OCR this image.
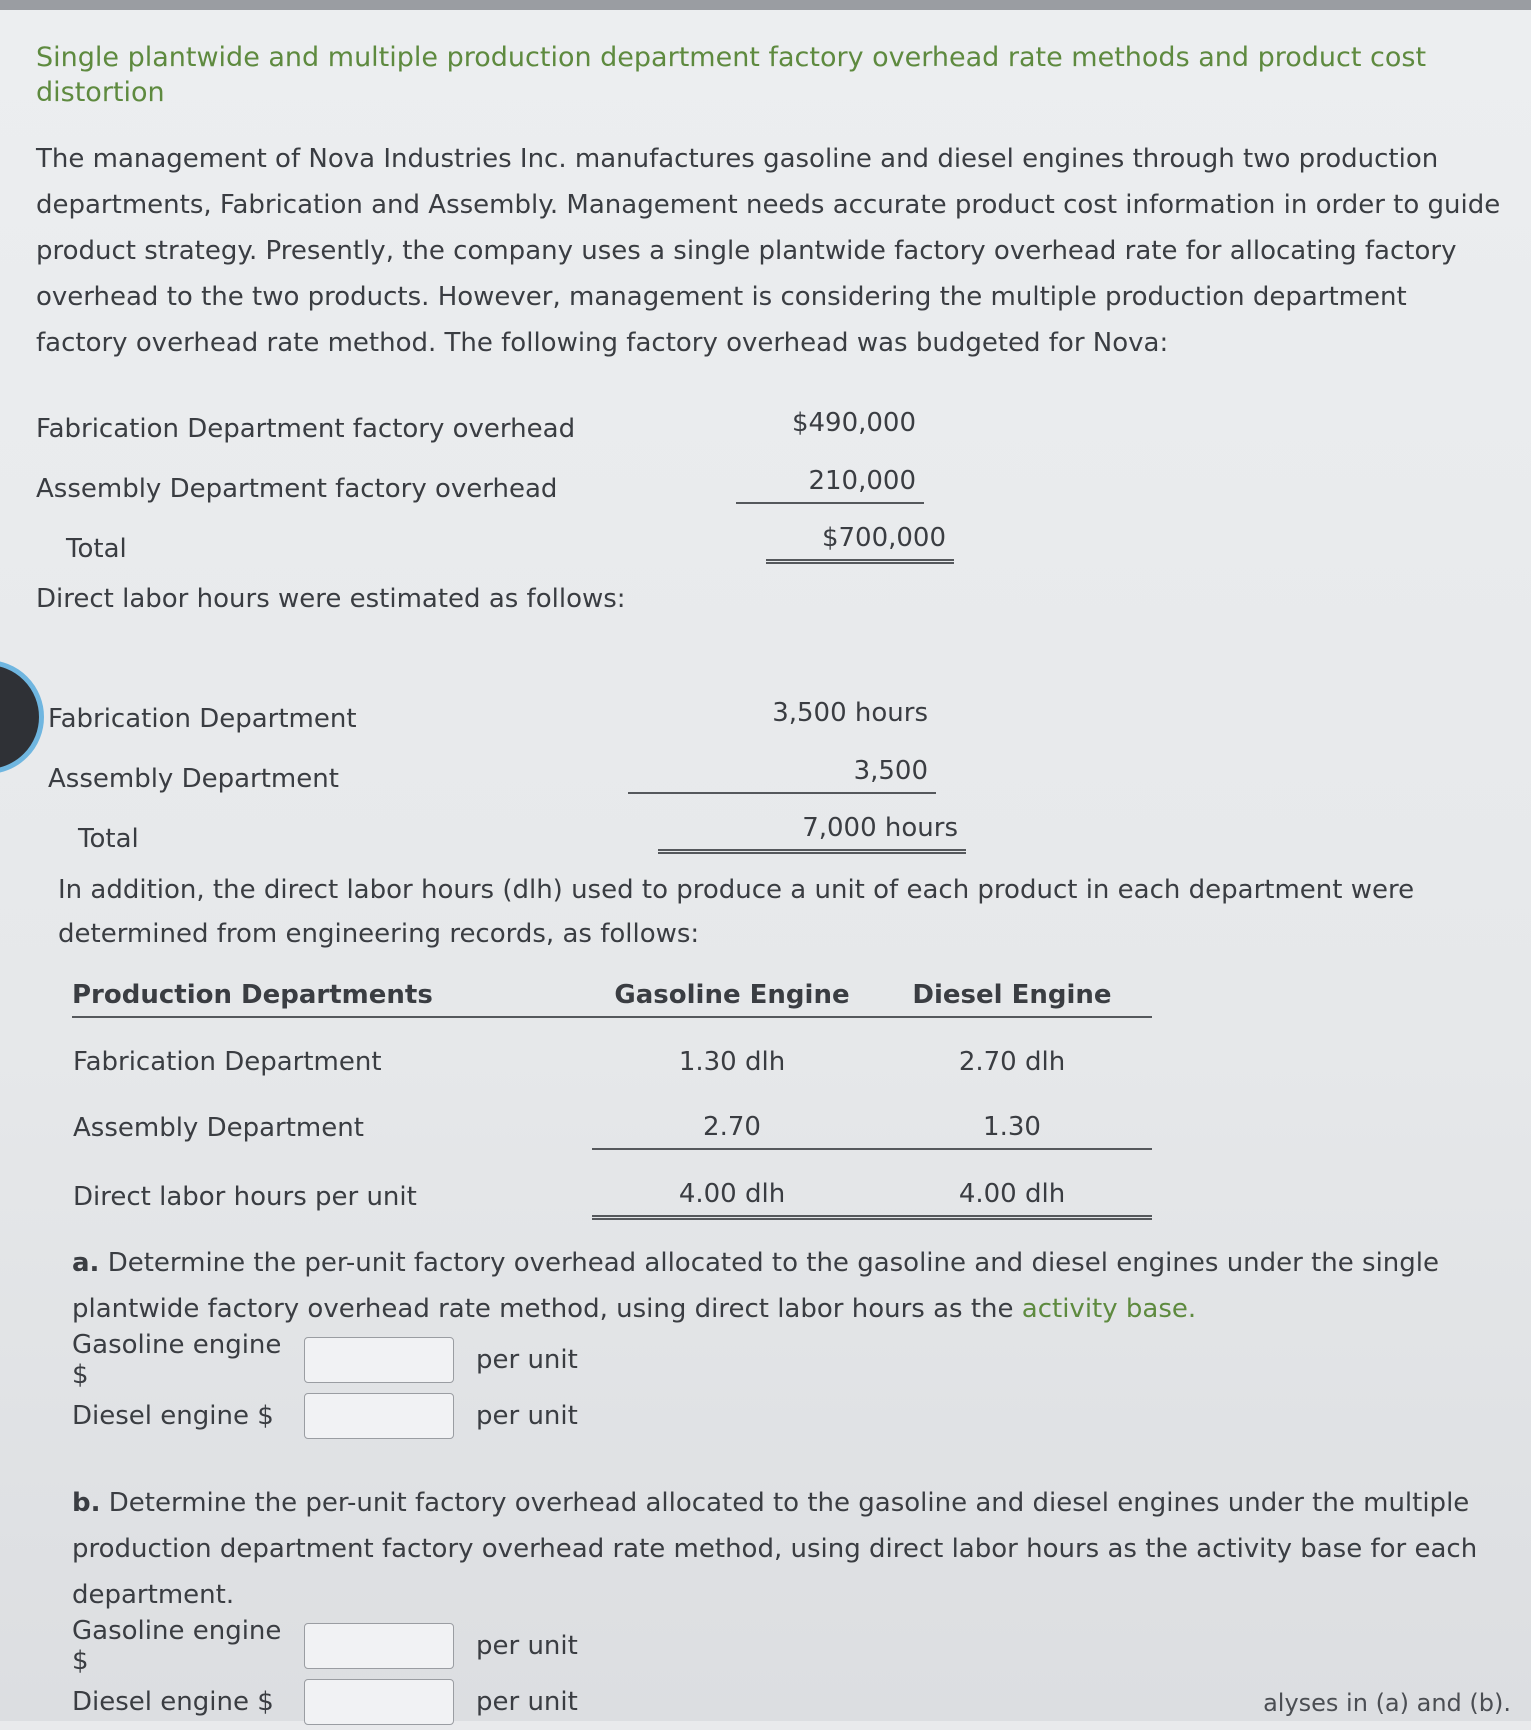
Single plantwide and multiple production department factory overhead rate methods and product cost distortion
The management of Nova Industries Inc. manufactures gasoline and diesel engines through two production departments, Fabrication and Assembly. Management needs accurate product cost information in order to guide product strategy. Presently, the company uses a single plantwide factory overhead rate for allocating factory overhead to the two products. However, management is considering the multiple production department factory overhead rate method. The following factory overhead was budgeted for Nova:
Fabrication Department factory overhead	$490,000
Assembly Department factory overhead	210,000
Total	$700,000
Direct labor hours were estimated as follows:
Fabrication Department	3,500 hours
Assembly Department	3,500
Total	7,000 hours
In addition, the direct labor hours (dlh) used to produce a unit of each product in each department were determined from engineering records, as follows:
Production Departments	Gasoline Engine	Diesel Engine
Fabrication Department	1.30 dlh	2.70 dlh
Assembly Department	2.70	1.30
Direct labor hours per unit	4.00 dlh	4.00 dlh
a. Determine the per-unit factory overhead allocated to the gasoline and diesel engines under the single plantwide factory overhead rate method, using direct labor hours as the activity base.
Gasoline engine $	per unit
Diesel engine $	per unit
b. Determine the per-unit factory overhead allocated to the gasoline and diesel engines under the multiple production department factory overhead rate method, using direct labor hours as the activity base for each department.
Gasoline engine $	per unit
Diesel engine $	per unit	alyses in (a) and (b).
